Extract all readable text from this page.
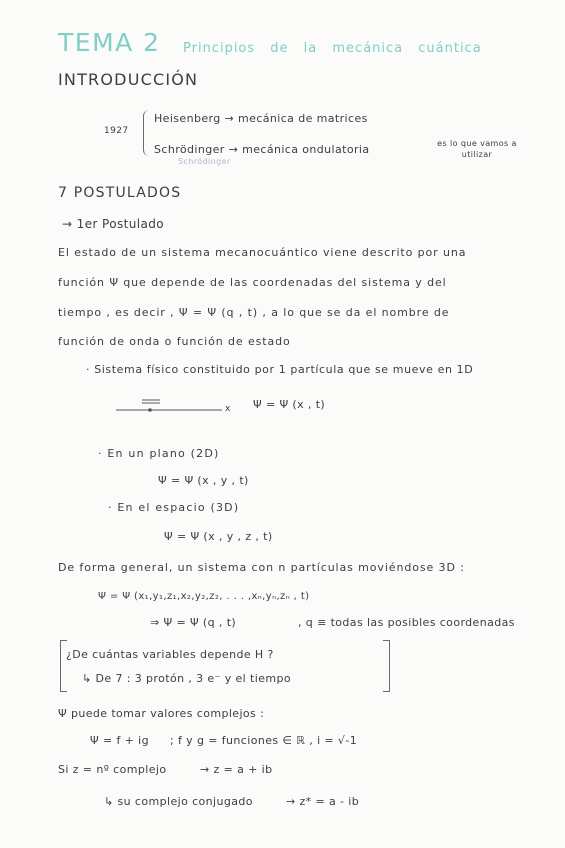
TEMA 2 Principios de la mecánica cuántica
INTRODUCCIÓN
1927
Heisenberg → mecánica de matrices
Schrödinger → mecánica ondulatoria
Schrödinger
es lo que vamos a utilizar
7 POSTULADOS
→ 1er Postulado
El estado de un sistema mecanocuántico viene descrito por una
función Ψ que depende de las coordenadas del sistema y del
tiempo , es decir , Ψ = Ψ (q , t) , a lo que se da el nombre de
función de onda o función de estado
· Sistema físico constituido por 1 partícula que se mueve en 1D
x Ψ = Ψ (x , t)
· En un plano (2D)
Ψ = Ψ (x , y , t)
· En el espacio (3D)
Ψ = Ψ (x , y , z , t)
De forma general, un sistema con n partículas moviéndose 3D :
Ψ = Ψ (x₁,y₁,z₁,x₂,y₂,z₂, . . . ,xₙ,yₙ,zₙ , t)
⇒ Ψ = Ψ (q , t)	, q ≡ todas las posibles coordenadas
¿De cuántas variables depende H ?
↳ De 7 : 3 protón , 3 e⁻ y el tiempo
Ψ puede tomar valores complejos :
Ψ = f + ig ; f y g = funciones ∈ ℝ , i = √-1
Si z = nº complejo	→ z = a + ib
↳ su complejo conjugado	→ z* = a - ib
